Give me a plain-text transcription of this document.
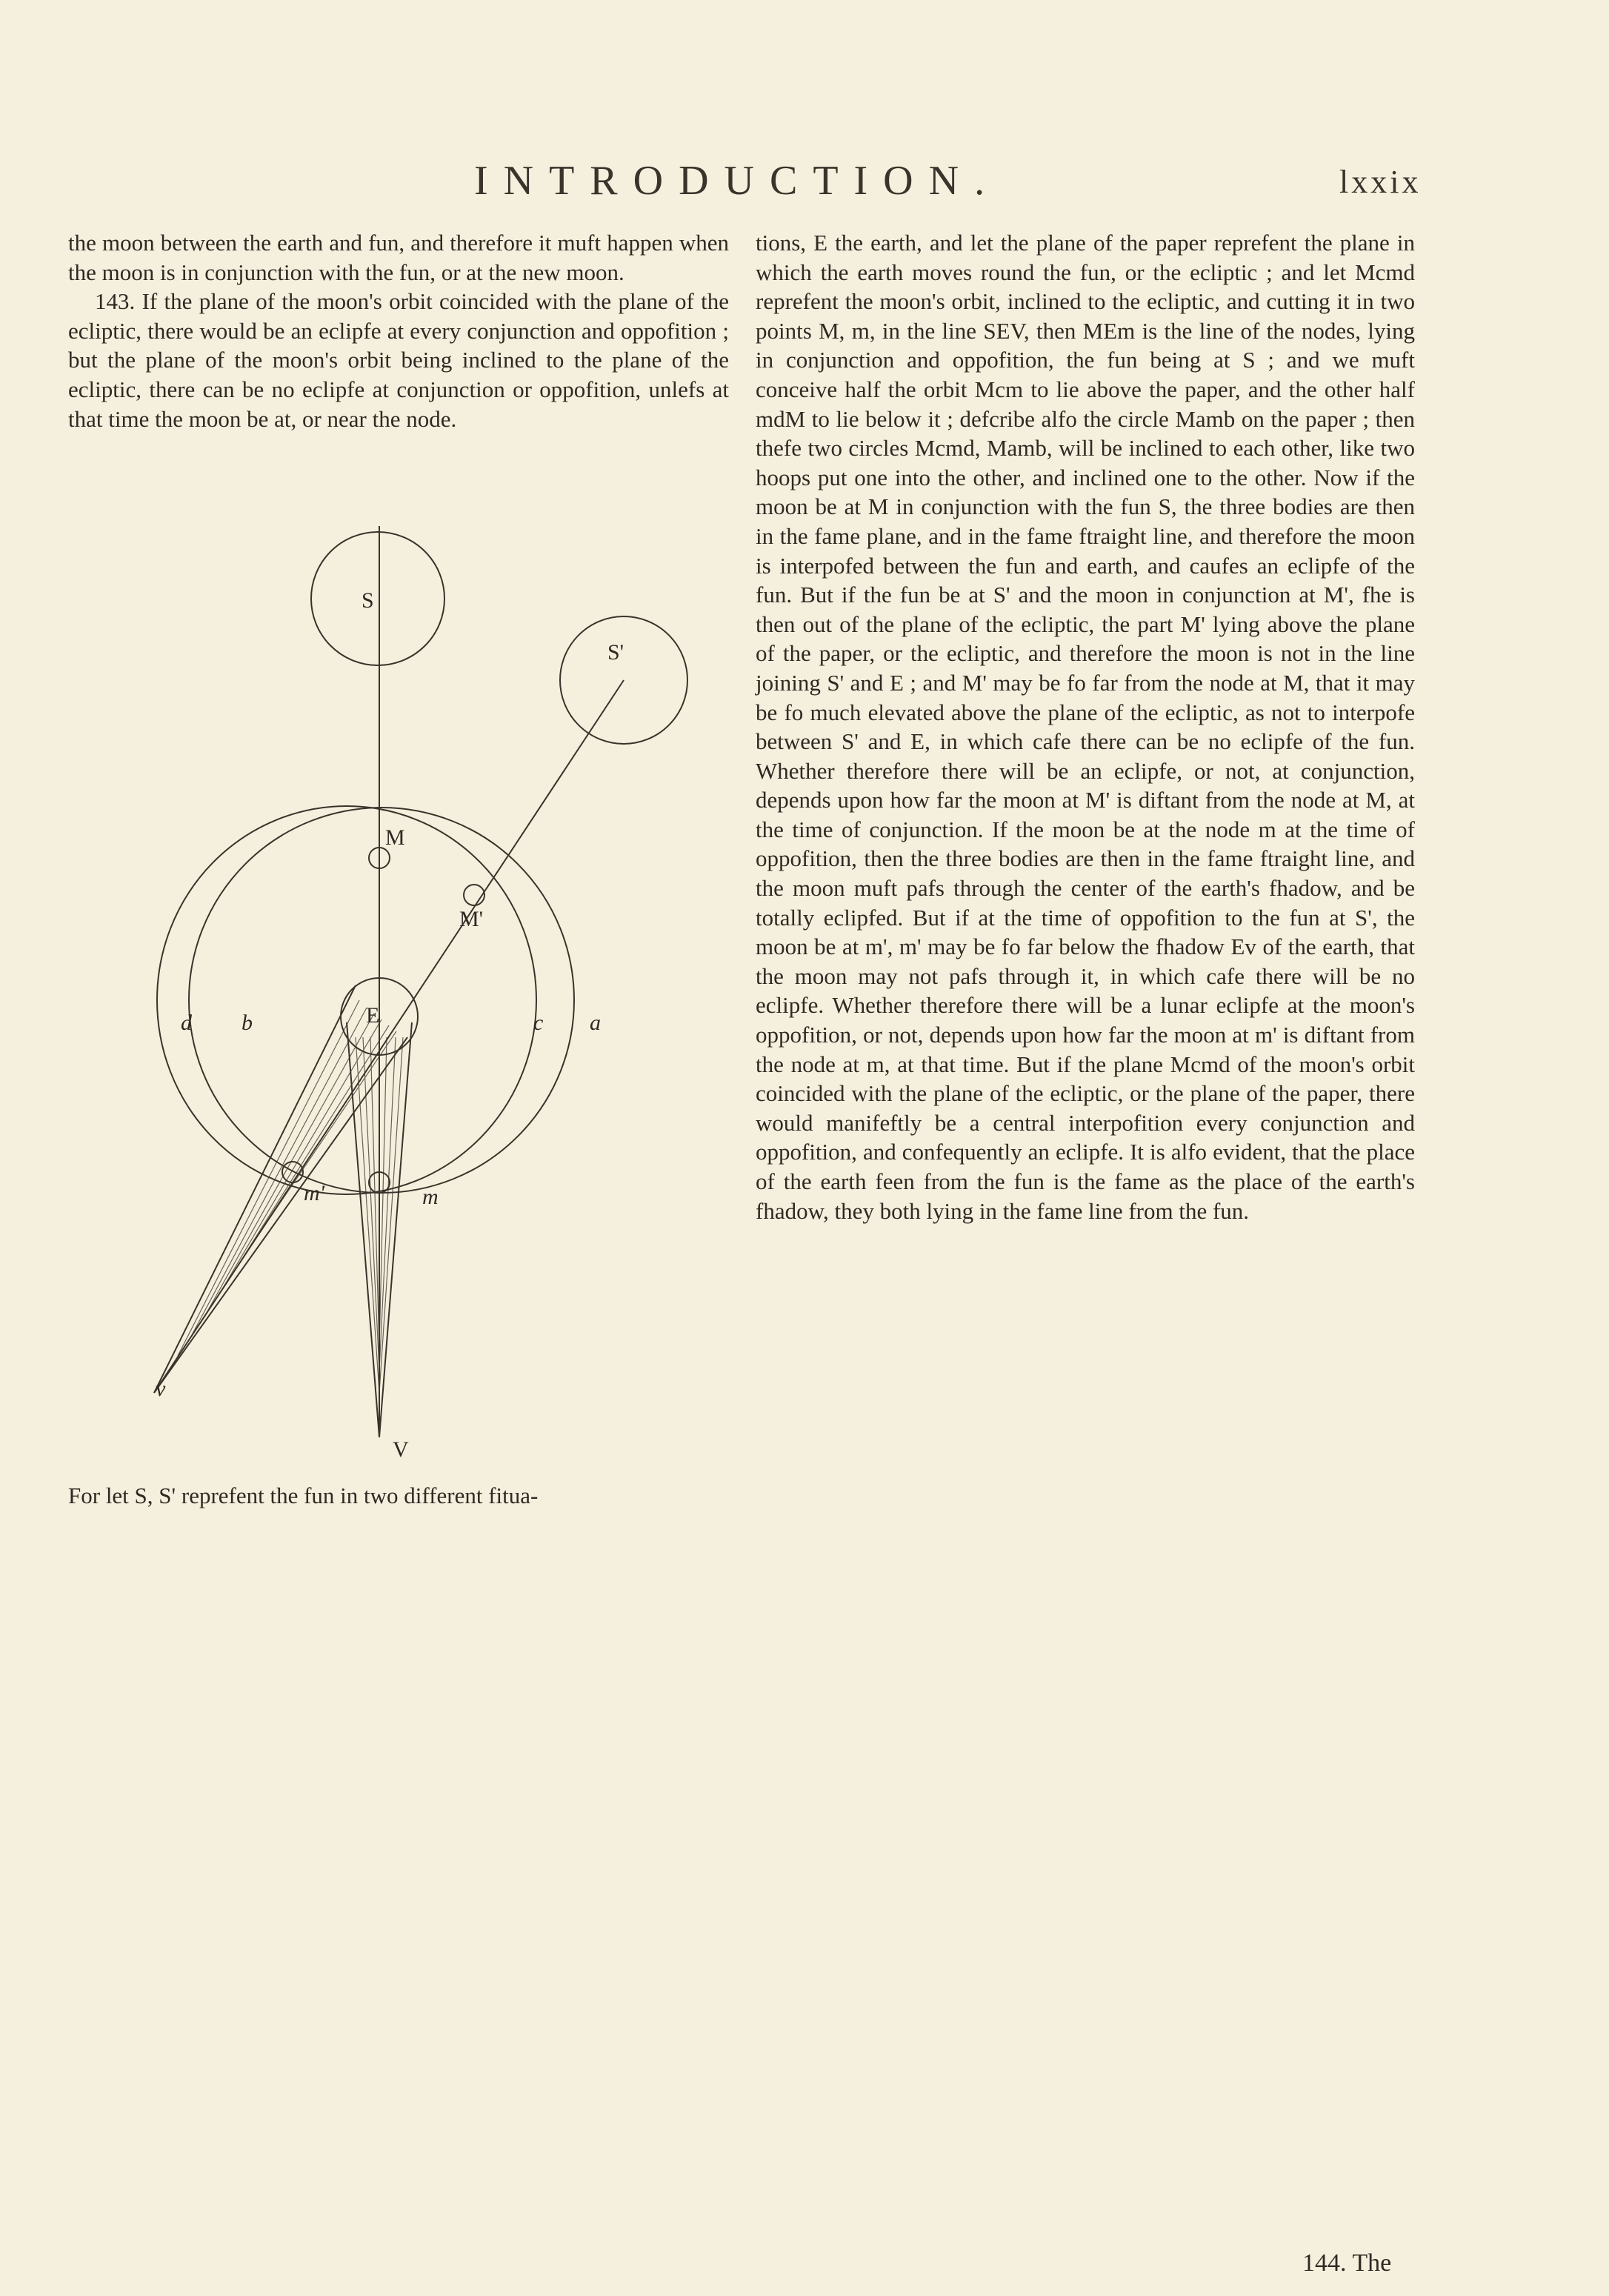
INTRODUCTION.	lxxix

the moon between the earth and fun, and therefore it muft happen when the moon is in conjunction with the fun, or at the new moon.

143. If the plane of the moon's orbit coincided with the plane of the ecliptic, there would be an eclipfe at every conjunction and oppofition ; but the plane of the moon's orbit being inclined to the plane of the ecliptic, there can be no eclipfe at conjunction or oppofition, unlefs at that time the moon be at, or near the node.

S
S'
M
M'
E
m'	m
a
b	c
d
V
v
For let S, S' reprefent the fun in two different fitua-

tions, E the earth, and let the plane of the paper reprefent the plane in which the earth moves round the fun, or the ecliptic ; and let Mcmd reprefent the moon's orbit, inclined to the ecliptic, and cutting it in two points M, m, in the line SEV, then MEm is the line of the nodes, lying in conjunction and oppofition, the fun being at S ; and we muft conceive half the orbit Mcm to lie above the paper, and the other half mdM to lie below it ; defcribe alfo the circle Mamb on the paper ; then thefe two circles Mcmd, Mamb, will be inclined to each other, like two hoops put one into the other, and inclined one to the other. Now if the moon be at M in conjunction with the fun S, the three bodies are then in the fame plane, and in the fame ftraight line, and therefore the moon is interpofed between the fun and earth, and caufes an eclipfe of the fun. But if the fun be at S' and the moon in conjunction at M', fhe is then out of the plane of the ecliptic, the part M' lying above the plane of the paper, or the ecliptic, and therefore the moon is not in the line joining S' and E ; and M' may be fo far from the node at M, that it may be fo much elevated above the plane of the ecliptic, as not to interpofe between S' and E, in which cafe there can be no eclipfe of the fun. Whether therefore there will be an eclipfe, or not, at conjunction, depends upon how far the moon at M' is diftant from the node at M, at the time of conjunction. If the moon be at the node m at the time of oppofition, then the three bodies are then in the fame ftraight line, and the moon muft pafs through the center of the earth's fhadow, and be totally eclipfed. But if at the time of oppofition to the fun at S', the moon be at m', m' may be fo far below the fhadow Ev of the earth, that the moon may not pafs through it, in which cafe there will be no eclipfe. Whether therefore there will be a lunar eclipfe at the moon's oppofition, or not, depends upon how far the moon at m' is diftant from the node at m, at that time. But if the plane Mcmd of the moon's orbit coincided with the plane of the ecliptic, or the plane of the paper, there would manifeftly be a central interpofition every conjunction and oppofition, and confequently an eclipfe. It is alfo evident, that the place of the earth feen from the fun is the fame as the place of the earth's fhadow, they both lying in the fame line from the fun.

144. The
